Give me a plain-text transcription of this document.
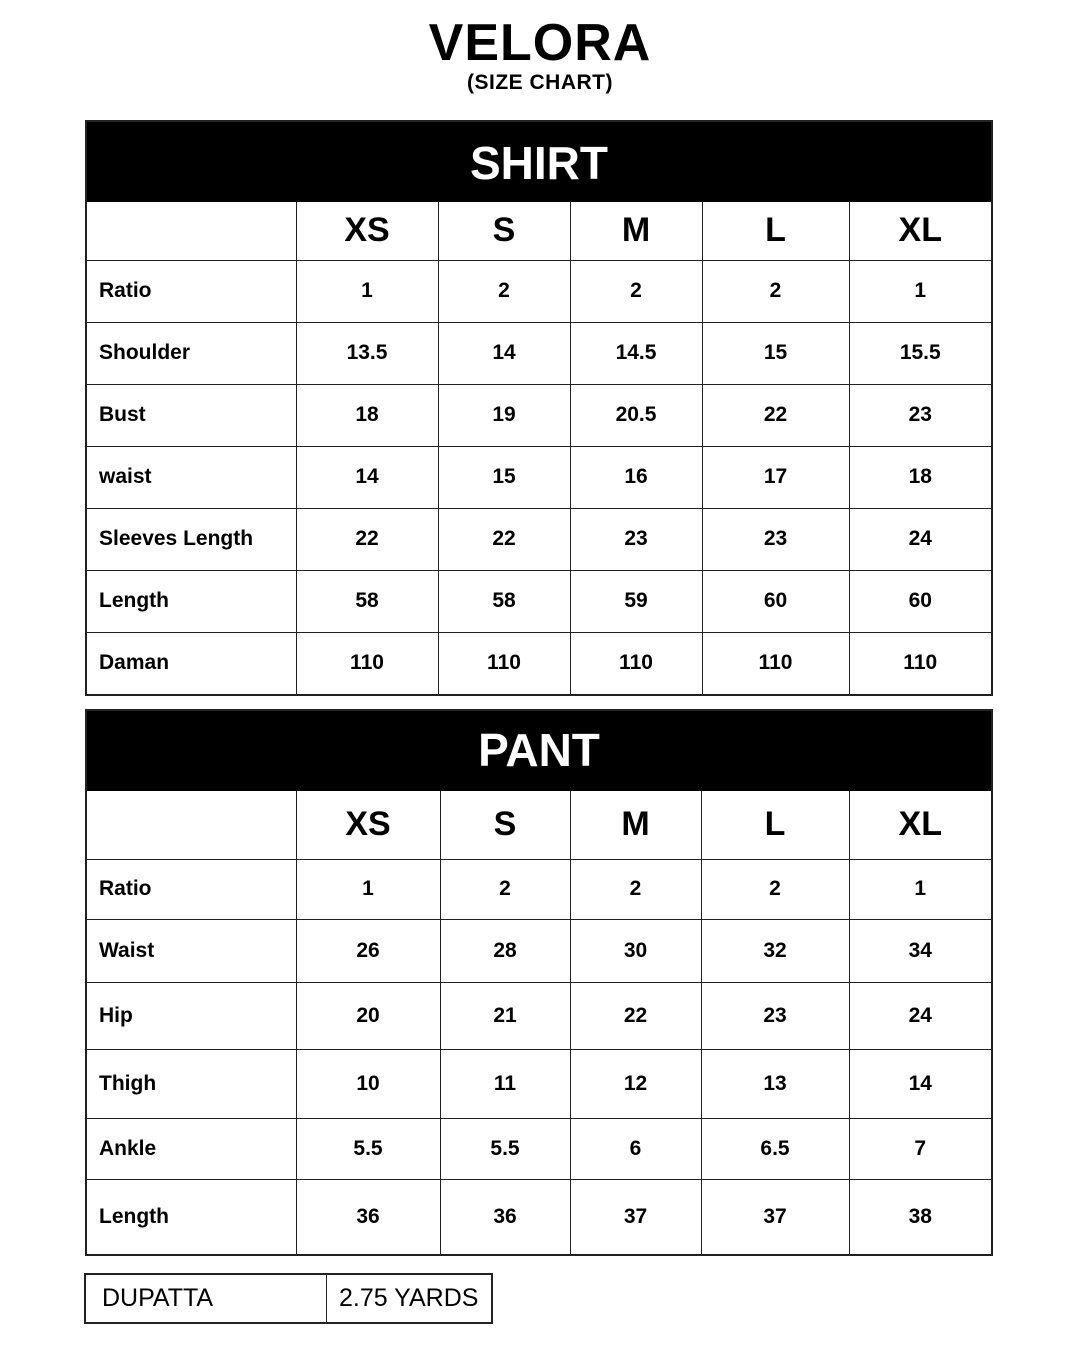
VELORA
(SIZE CHART)
SHIRT
	XS	S	M	L	XL
Ratio	1	2	2	2	1
Shoulder	13.5	14	14.5	15	15.5
Bust	18	19	20.5	22	23
waist	14	15	16	17	18
Sleeves Length	22	22	23	23	24
Length	58	58	59	60	60
Daman	110	110	110	110	110
PANT
	XS	S	M	L	XL
Ratio	1	2	2	2	1
Waist	26	28	30	32	34
Hip	20	21	22	23	24
Thigh	10	11	12	13	14
Ankle	5.5	5.5	6	6.5	7
Length	36	36	37	37	38
DUPATTA	2.75 YARDS
